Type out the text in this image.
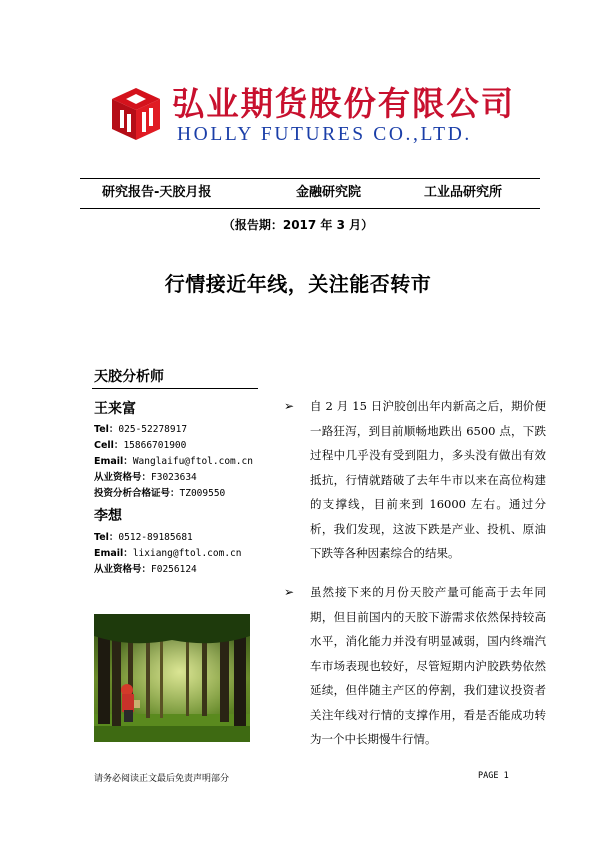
弘业期货股份有限公司
HOLLY FUTURES CO.,LTD.
研究报告-天胶月报	金融研究院	工业品研究所
（报告期：2017 年 3 月）
行情接近年线，关注能否转市
天胶分析师
王来富
Tel：025-52278917
Cell：15866701900
Email：Wanglaifu@ftol.com.cn
从业资格号：F3023634
投资分析合格证号：TZ009550
李想
Tel：0512-89185681
Email：lixiang@ftol.com.cn
从业资格号：F0256124
➢ 自 2 月 15 日沪胶创出年内新高之后，期价便一路狂泻，到目前顺畅地跌出 6500 点，下跌过程中几乎没有受到阻力，多头没有做出有效抵抗，行情就踏破了去年牛市以来在高位构建的支撑线，目前来到 16000 左右。通过分析，我们发现，这波下跌是产业、投机、原油下跌等各种因素综合的结果。
➢ 虽然接下来的月份天胶产量可能高于去年同期，但目前国内的天胶下游需求依然保持较高水平，消化能力并没有明显减弱，国内终端汽车市场表现也较好，尽管短期内沪胶跌势依然延续，但伴随主产区的停割，我们建议投资者关注年线对行情的支撑作用，看是否能成功转为一个中长期慢牛行情。
请务必阅读正文最后免责声明部分	PAGE 1
